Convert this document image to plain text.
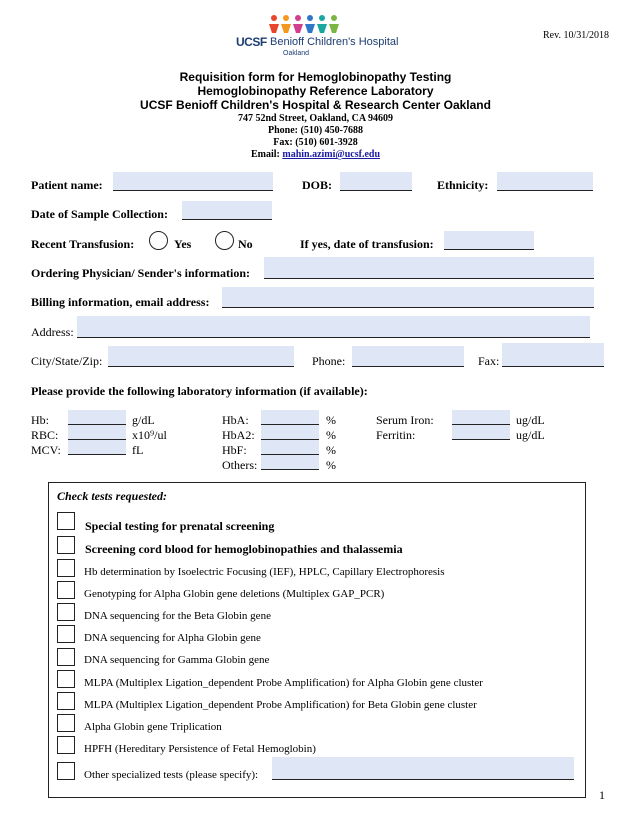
Rev. 10/31/2018
UCSF Benioff Children's Hospital
Oakland
Requisition form for Hemoglobinopathy Testing
Hemoglobinopathy Reference Laboratory
UCSF Benioff Children's Hospital & Research Center Oakland
747 52nd Street, Oakland, CA 94609
Phone: (510) 450-7688
Fax: (510) 601-3928
Email: mahin.azimi@ucsf.edu
Patient name:	DOB:	Ethnicity:
Date of Sample Collection:
Recent Transfusion:	Yes	No	If yes, date of transfusion:
Ordering Physician/ Sender's information:
Billing information, email address:
Address:
City/State/Zip:	Phone:	Fax:
Please provide the following laboratory information (if available):
Hb:	g/dL
RBC:	x10⁹/ul
MCV:	fL
HbA:	%
HbA2:	%
HbF:	%
Others:	%
Serum Iron:	ug/dL
Ferritin:	ug/dL
Check tests requested:
Special testing for prenatal screening
Screening cord blood for hemoglobinopathies and thalassemia
Hb determination by Isoelectric Focusing (IEF), HPLC, Capillary Electrophoresis
Genotyping for Alpha Globin gene deletions (Multiplex GAP_PCR)
DNA sequencing for the Beta Globin gene
DNA sequencing for Alpha Globin gene
DNA sequencing for Gamma Globin gene
MLPA (Multiplex Ligation_dependent Probe Amplification) for Alpha Globin gene cluster
MLPA (Multiplex Ligation_dependent Probe Amplification) for Beta Globin gene cluster
Alpha Globin gene Triplication
HPFH (Hereditary Persistence of Fetal Hemoglobin)
Other specialized tests (please specify):
1
